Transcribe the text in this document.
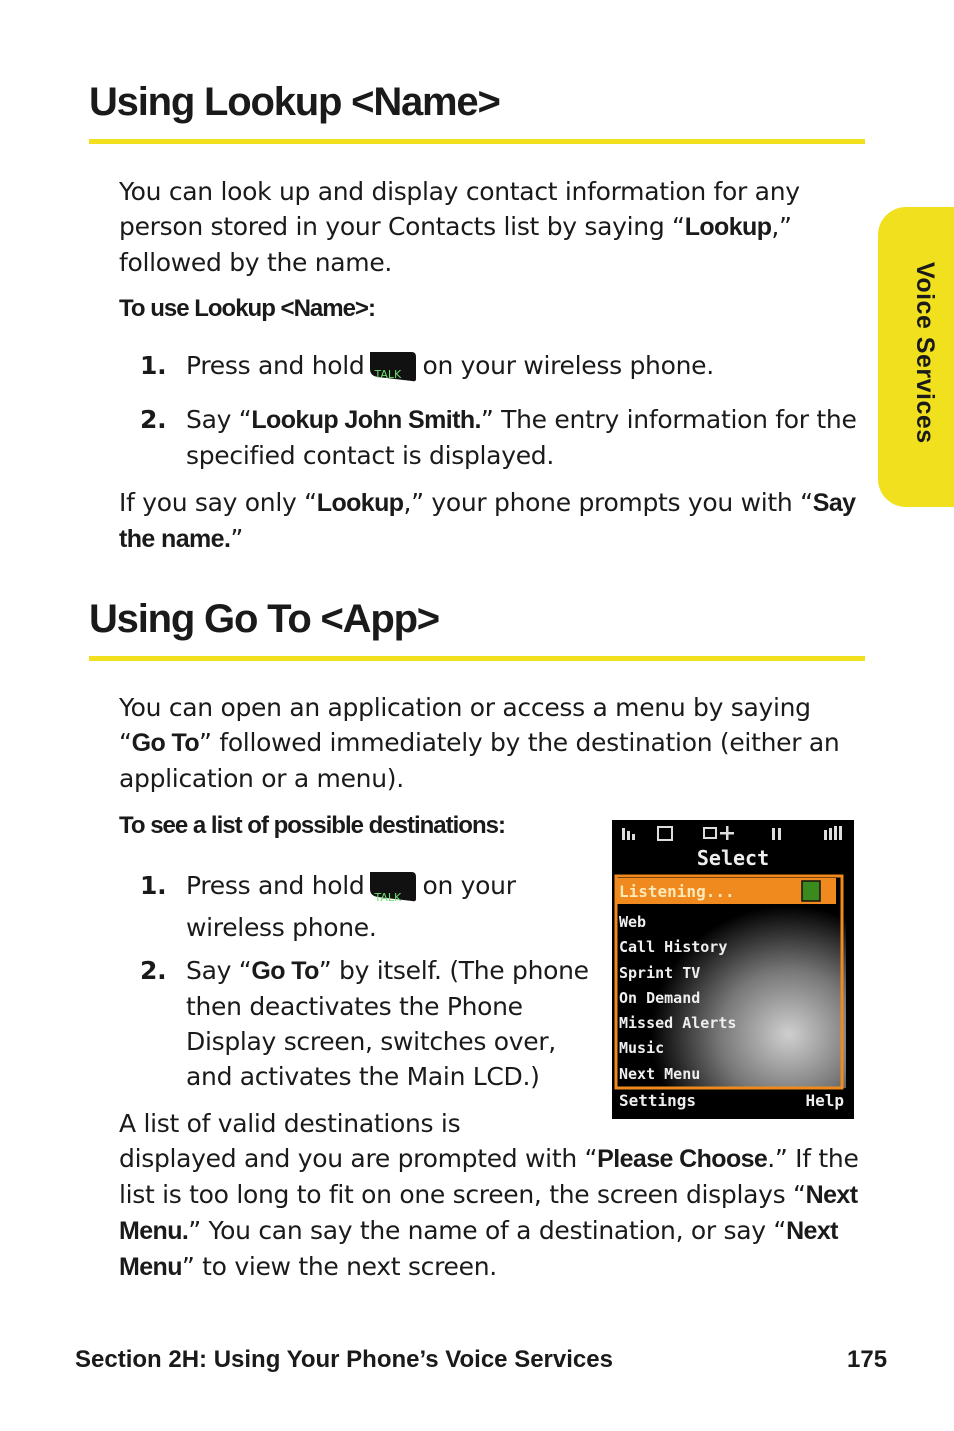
Using Lookup <Name>

You can look up and display contact information for any person stored in your Contacts list by saying “Lookup,” followed by the name.

To use Lookup <Name>:

1. Press and hold TALK on your wireless phone.
2. Say “Lookup John Smith.” The entry information for the specified contact is displayed.

If you say only “Lookup,” your phone prompts you with “Say the name.”

Using Go To <App>

You can open an application or access a menu by saying “Go To” followed immediately by the destination (either an application or a menu).

To see a list of possible destinations:

1. Press and hold TALK on your wireless phone.
2. Say “Go To” by itself. (The phone then deactivates the Phone Display screen, switches over, and activates the Main LCD.)

A list of valid destinations is displayed and you are prompted with “Please Choose.” If the list is too long to fit on one screen, the screen displays “Next Menu.” You can say the name of a destination, or say “Next Menu” to view the next screen.

Select
Listening...
Web
Call History
Sprint TV
On Demand
Missed Alerts
Music
Next Menu
Settings	Help
Voice Services

Section 2H: Using Your Phone’s Voice Services	175
